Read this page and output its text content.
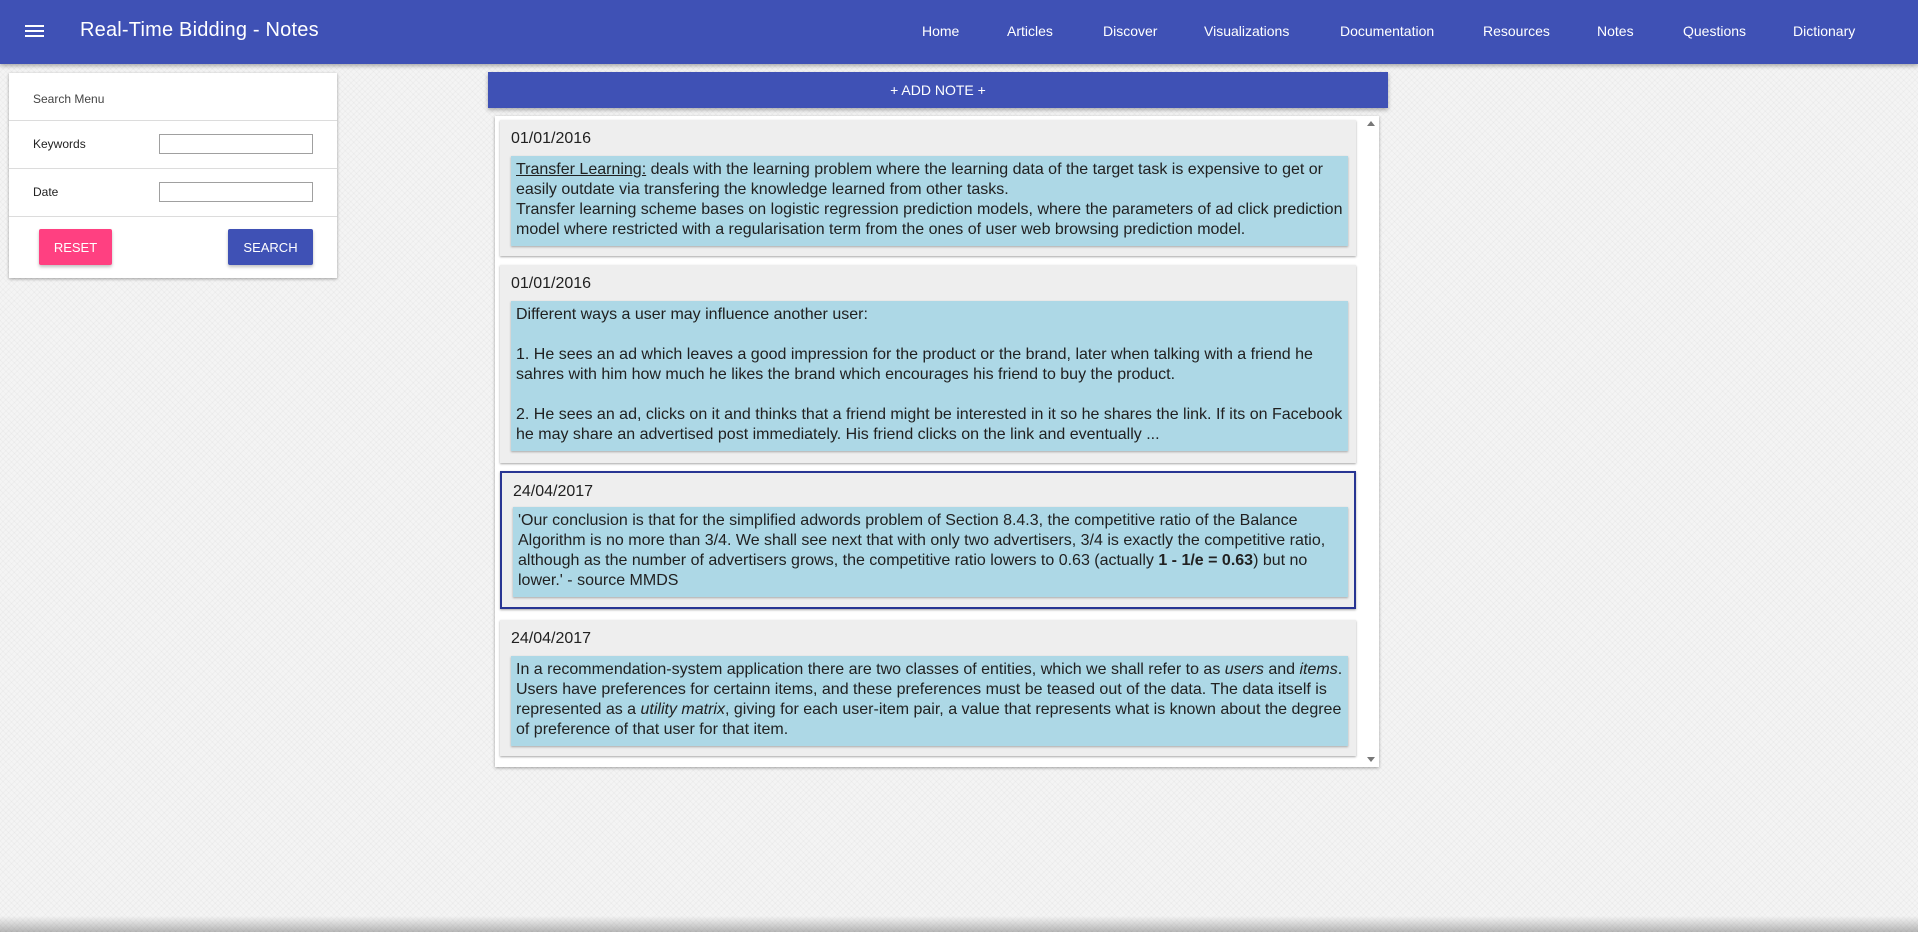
Real-Time Bidding - Notes	Home	Articles	Discover	Visualizations	Documentation	Resources	Notes	Questions	Dictionary
Search Menu
Keywords
Date
RESET	SEARCH
+ ADD NOTE +
01/01/2016
Transfer Learning: deals with the learning problem where the learning data of the target task is expensive to get or easily outdate via transfering the knowledge learned from other tasks.
Transfer learning scheme bases on logistic regression prediction models, where the parameters of ad click prediction model where restricted with a regularisation term from the ones of user web browsing prediction model.
01/01/2016
Different ways a user may influence another user:
1. He sees an ad which leaves a good impression for the product or the brand, later when talking with a friend he sahres with him how much he likes the brand which encourages his friend to buy the product.
2. He sees an ad, clicks on it and thinks that a friend might be interested in it so he shares the link. If its on Facebook he may share an advertised post immediately. His friend clicks on the link and eventually ...
24/04/2017
'Our conclusion is that for the simplified adwords problem of Section 8.4.3, the competitive ratio of the Balance Algorithm is no more than 3/4. We shall see next that with only two advertisers, 3/4 is exactly the competitive ratio, although as the number of advertisers grows, the competitive ratio lowers to 0.63 (actually 1 - 1/e = 0.63) but no lower.' - source MMDS
24/04/2017
In a recommendation-system application there are two classes of entities, which we shall refer to as users and items. Users have preferences for certainn items, and these preferences must be teased out of the data. The data itself is represented as a utility matrix, giving for each user-item pair, a value that represents what is known about the degree of preference of that user for that item.
